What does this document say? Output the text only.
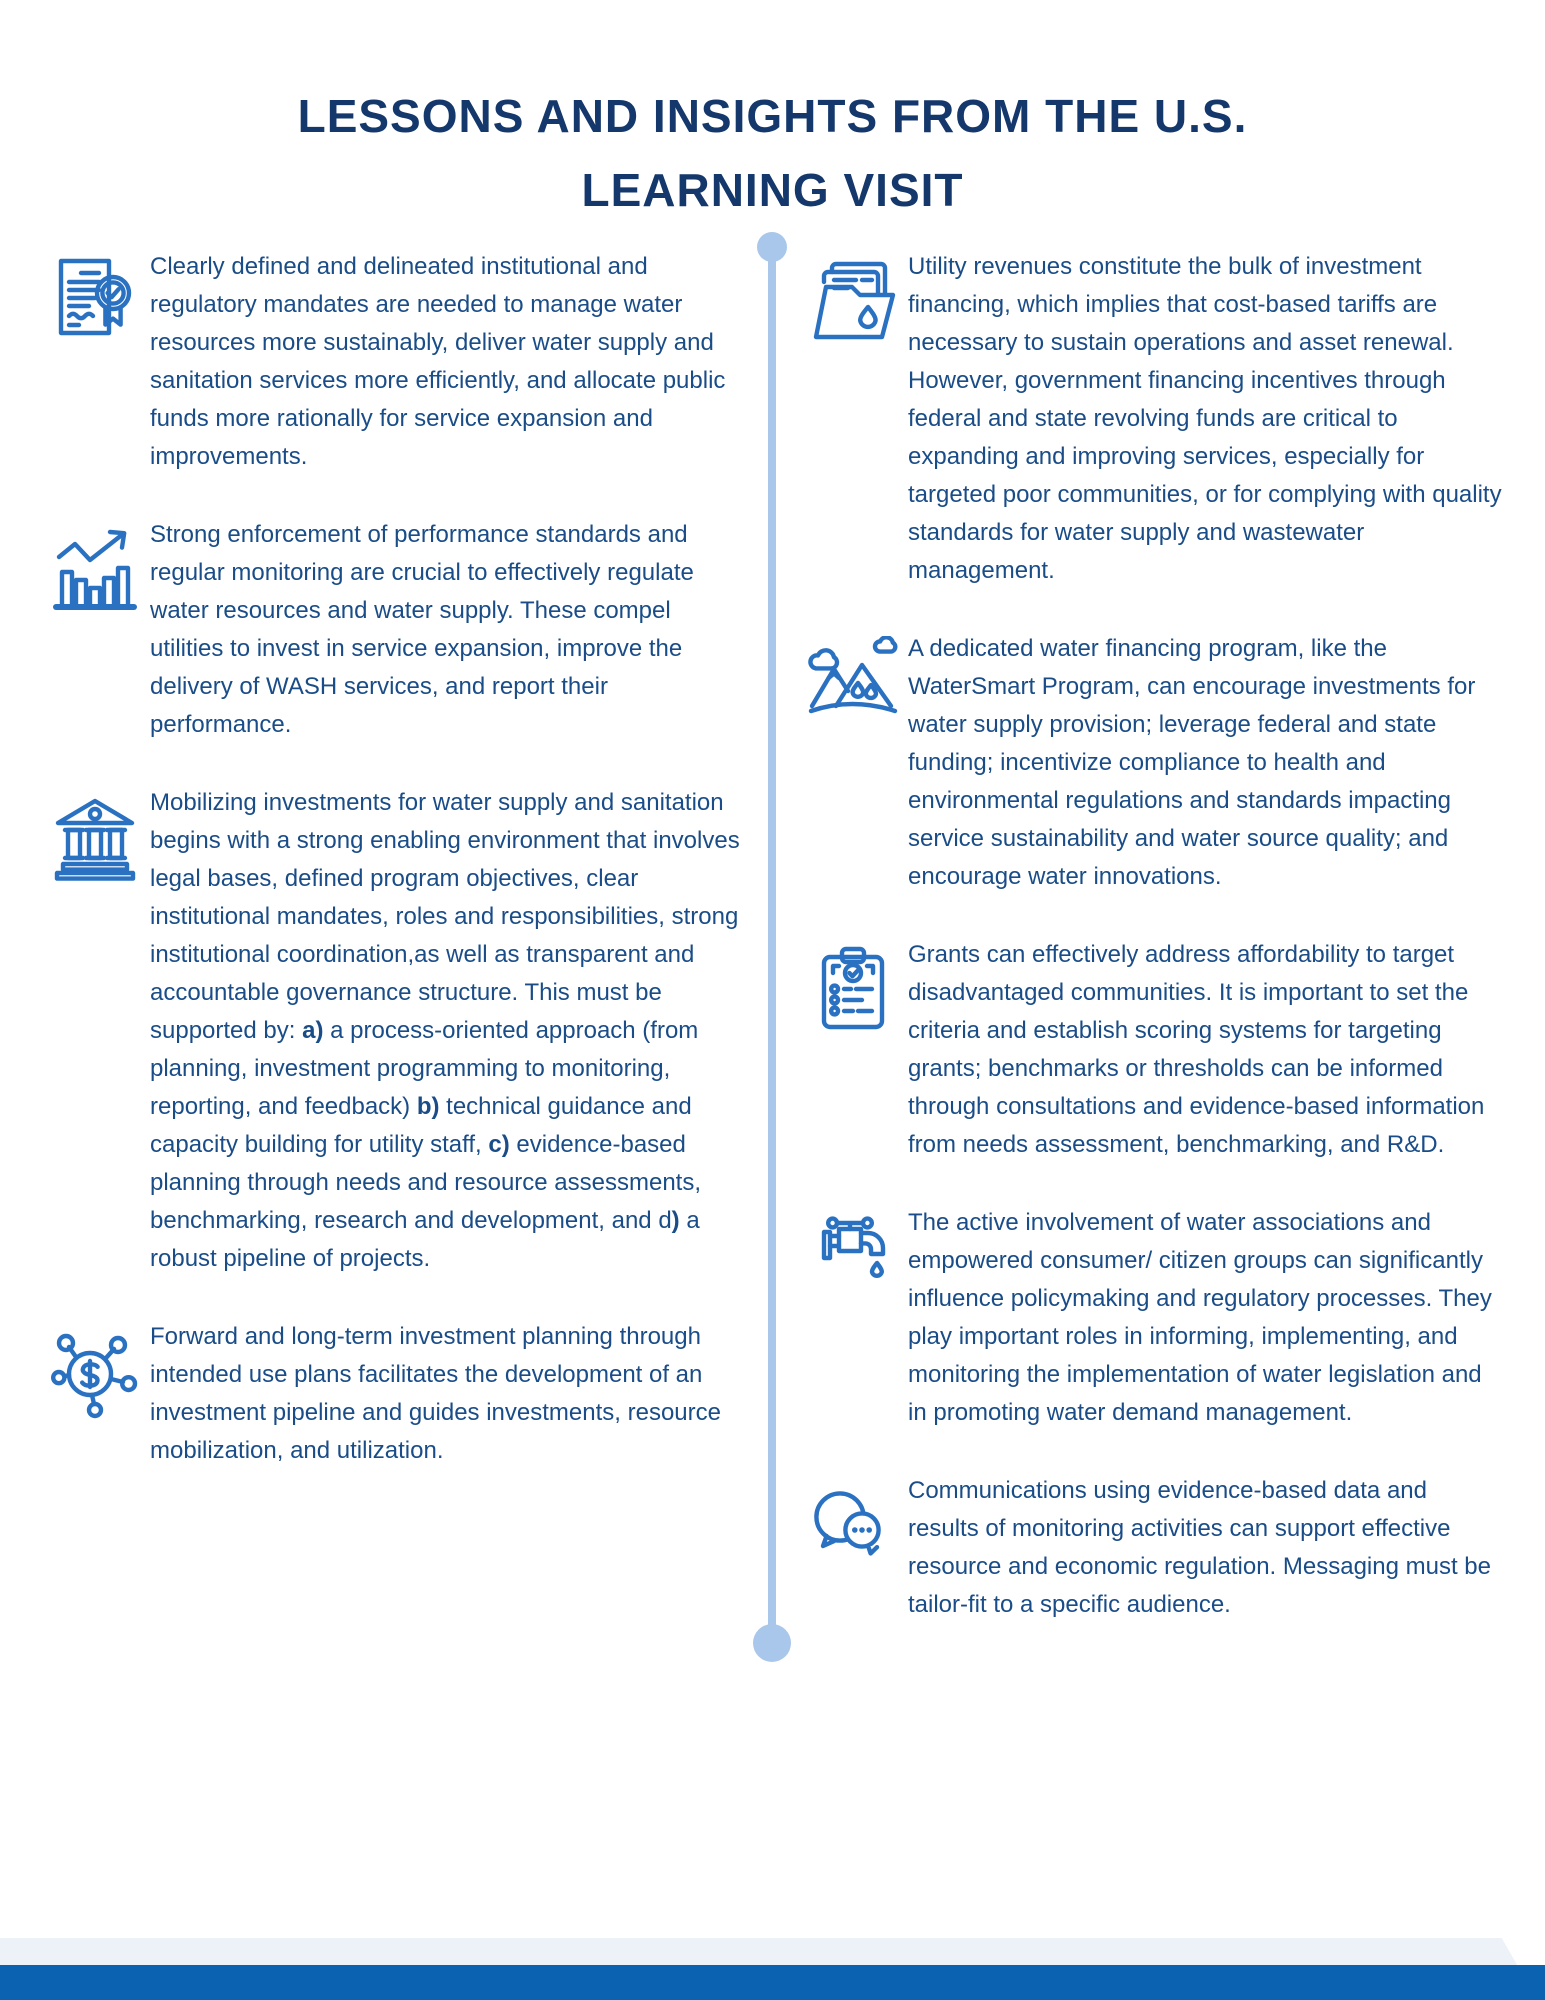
LESSONS AND INSIGHTS FROM THE U.S.
LEARNING VISIT

Clearly defined and delineated institutional and regulatory mandates are needed to manage water resources more sustainably, deliver water supply and sanitation services more efficiently, and allocate public funds more rationally for service expansion and improvements.

Strong enforcement of performance standards and regular monitoring are crucial to effectively regulate water resources and water supply. These compel utilities to invest in service expansion, improve the delivery of WASH services, and report their performance.

Mobilizing investments for water supply and sanitation begins with a strong enabling environment that involves legal bases, defined program objectives, clear institutional mandates, roles and responsibilities, strong institutional coordination,as well as transparent and accountable governance structure. This must be supported by: a) a process-oriented approach (from planning, investment programming to monitoring, reporting, and feedback) b) technical guidance and capacity building for utility staff, c) evidence-based planning through needs and resource assessments, benchmarking, research and development, and d) a robust pipeline of projects.

Forward and long-term investment planning through intended use plans facilitates the development of an investment pipeline and guides investments, resource mobilization, and utilization.

Utility revenues constitute the bulk of investment financing, which implies that cost-based tariffs are necessary to sustain operations and asset renewal. However, government financing incentives through federal and state revolving funds are critical to expanding and improving services, especially for targeted poor communities, or for complying with quality standards for water supply and wastewater management.

A dedicated water financing program, like the WaterSmart Program, can encourage investments for water supply provision; leverage federal and state funding; incentivize compliance to health and environmental regulations and standards impacting service sustainability and water source quality; and encourage water innovations.

Grants can effectively address affordability to target disadvantaged communities. It is important to set the criteria and establish scoring systems for targeting grants; benchmarks or thresholds can be informed through consultations and evidence-based information from needs assessment, benchmarking, and R&D.

The active involvement of water associations and empowered consumer/ citizen groups can significantly influence policymaking and regulatory processes. They play important roles in informing, implementing, and monitoring the implementation of water legislation and in promoting water demand management.

Communications using evidence-based data and results of monitoring activities can support effective resource and economic regulation. Messaging must be tailor-fit to a specific audience.
